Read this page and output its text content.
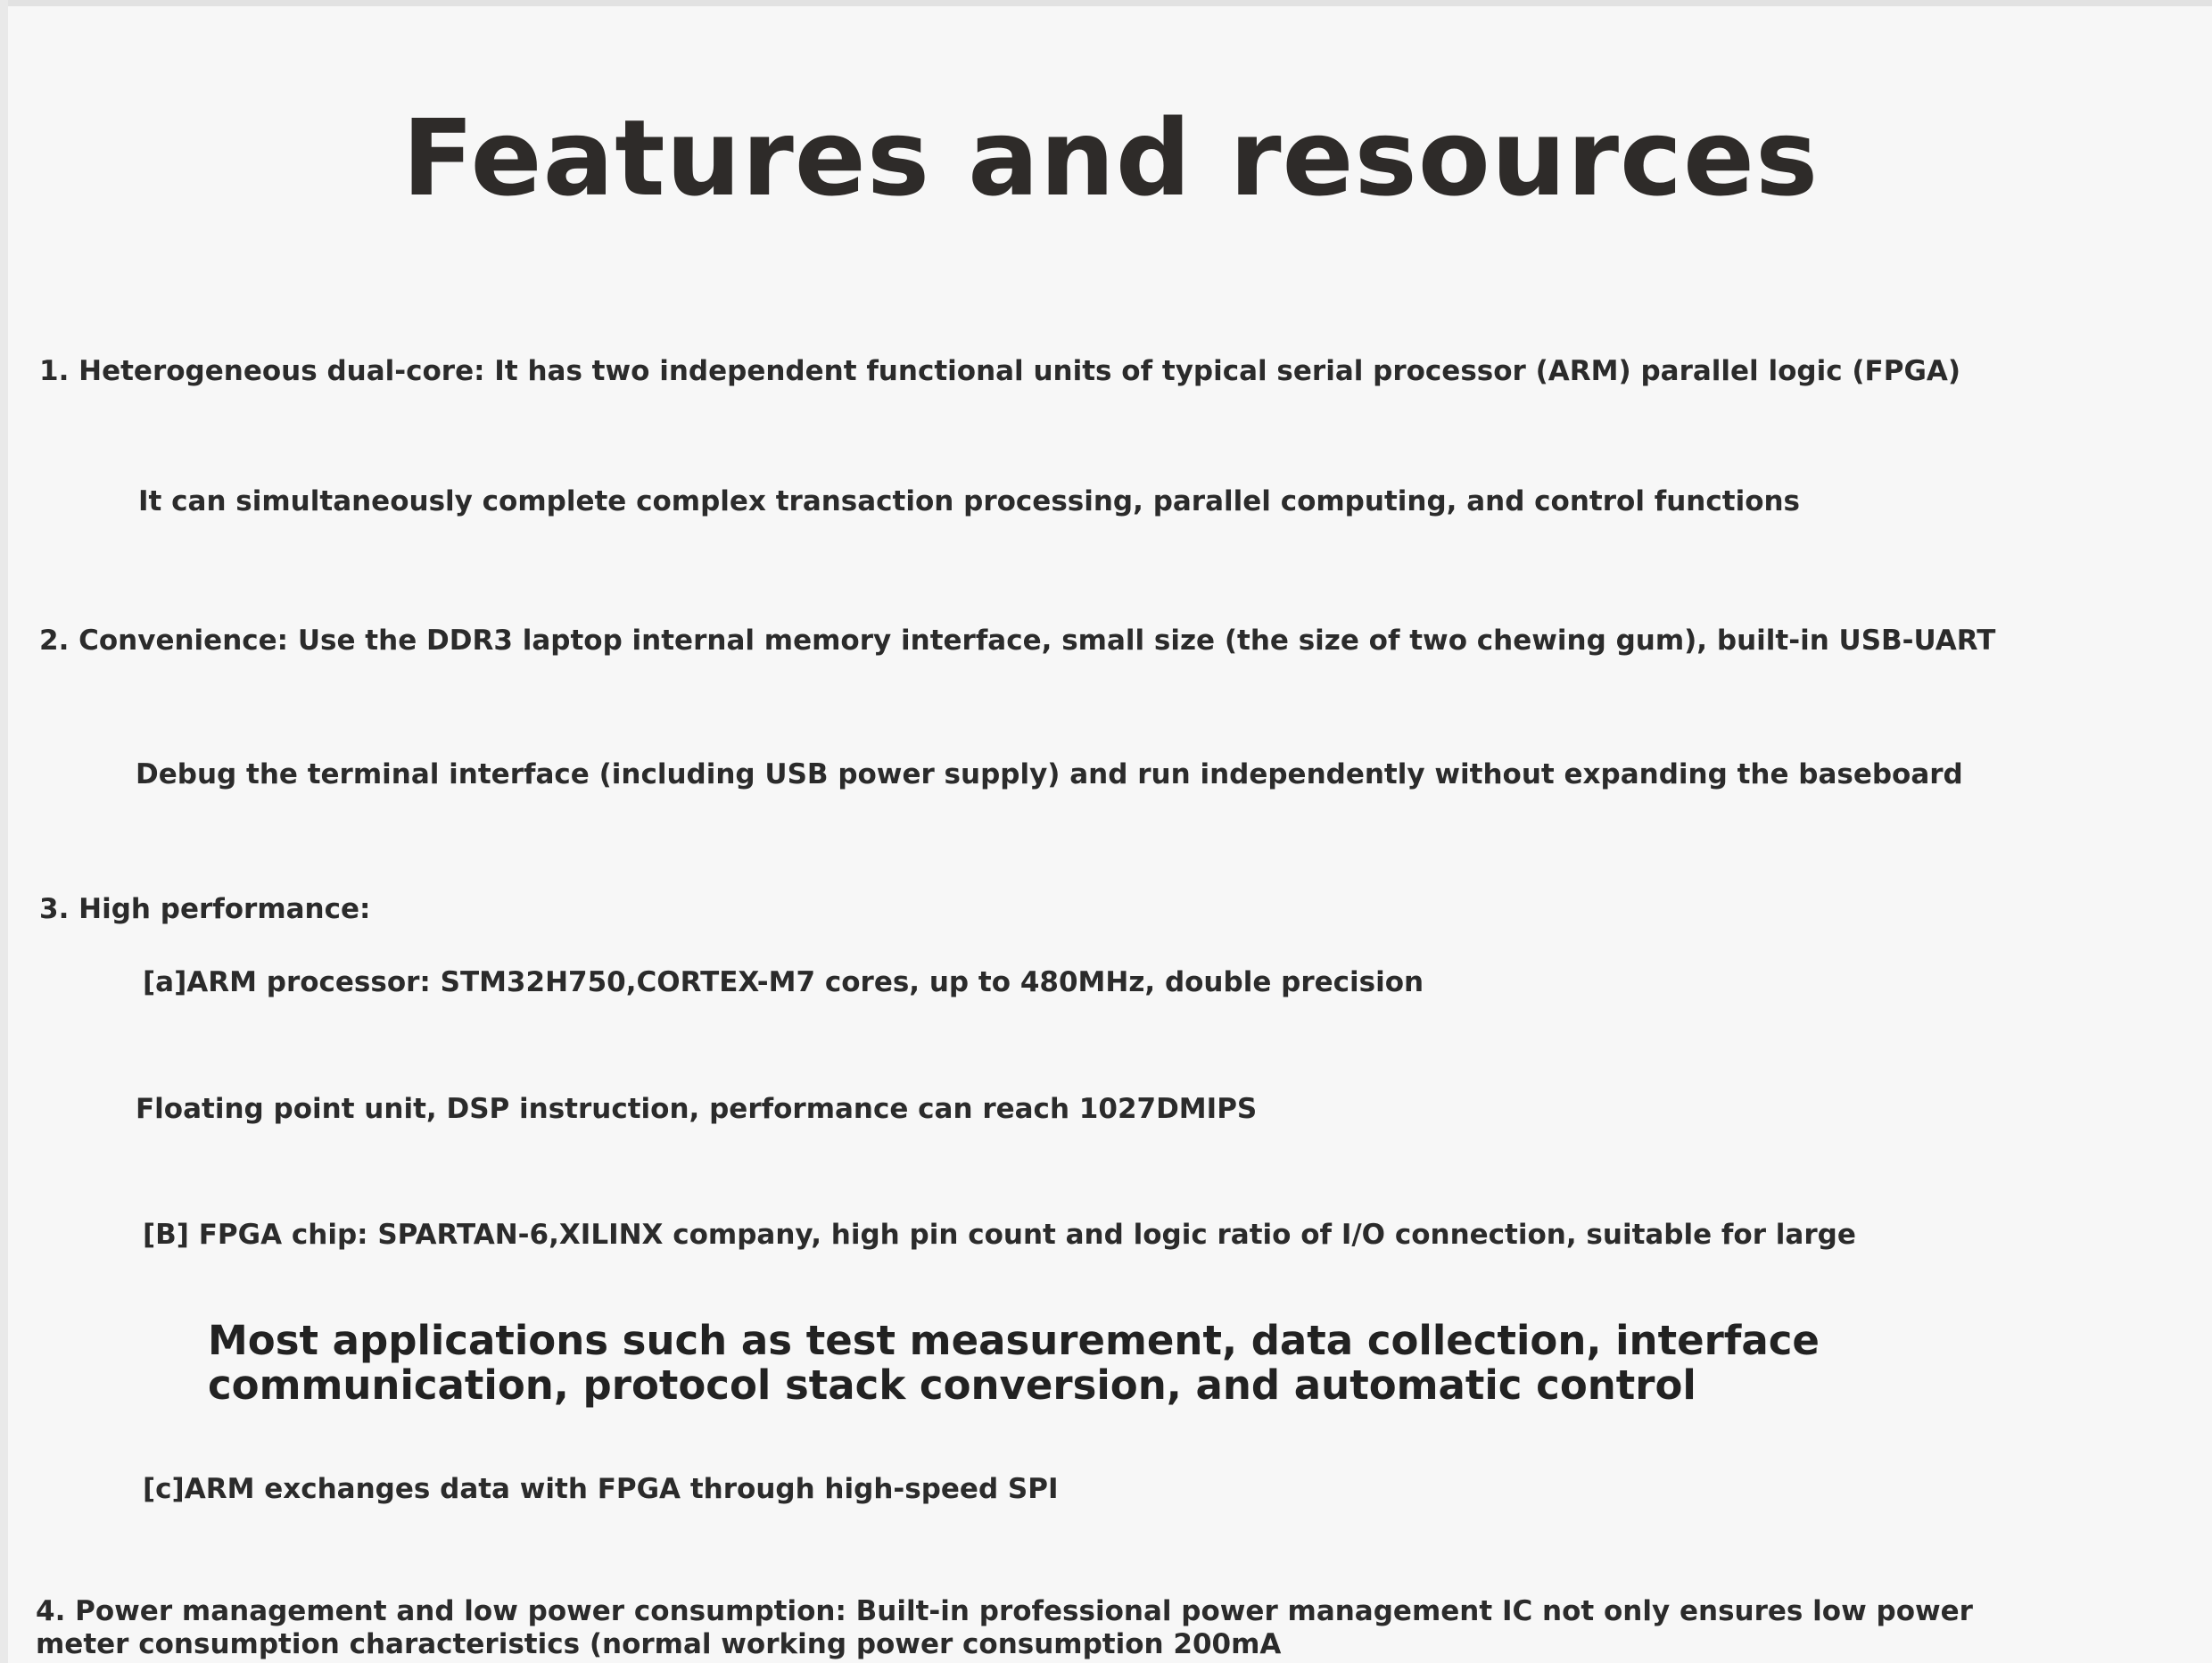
Features and resources
1. Heterogeneous dual-core: It has two independent functional units of typical serial processor (ARM) parallel logic (FPGA)
It can simultaneously complete complex transaction processing, parallel computing, and control functions
2. Convenience: Use the DDR3 laptop internal memory interface, small size (the size of two chewing gum), built-in USB-UART
Debug the terminal interface (including USB power supply) and run independently without expanding the baseboard
3. High performance:
[a]ARM processor: STM32H750,CORTEX-M7 cores, up to 480MHz, double precision
Floating point unit, DSP instruction, performance can reach 1027DMIPS
[B] FPGA chip: SPARTAN-6,XILINX company, high pin count and logic ratio of I/O connection, suitable for large
Most applications such as test measurement, data collection, interface communication, protocol stack conversion, and automatic control
[c]ARM exchanges data with FPGA through high-speed SPI
4. Power management and low power consumption: Built-in professional power management IC not only ensures low power meter consumption characteristics (normal working power consumption 200mA
